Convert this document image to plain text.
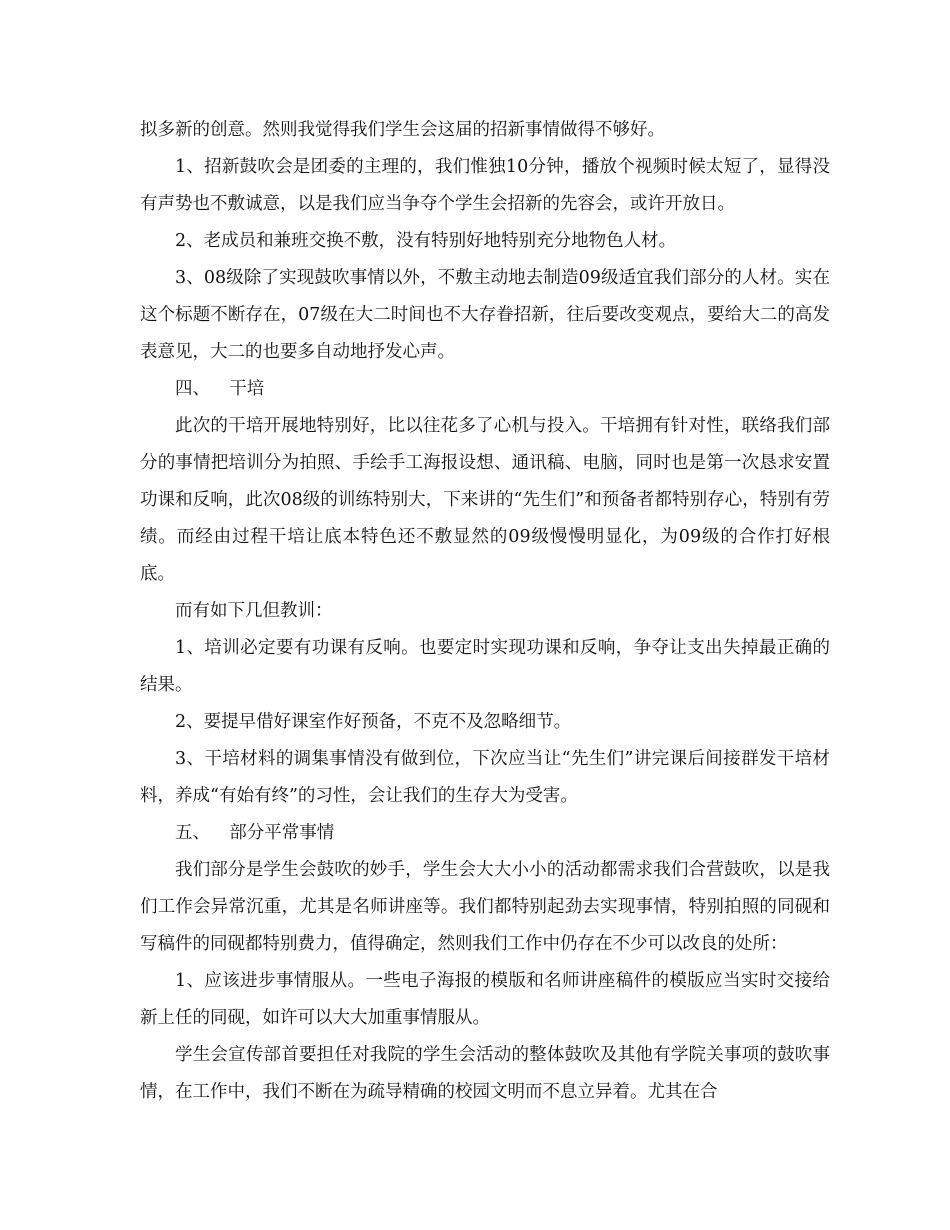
拟多新的创意。然则我觉得我们学生会这届的招新事情做得不够好。

1、招新鼓吹会是团委的主理的，我们惟独10分钟，播放个视频时候太短了，显得没有声势也不敷诚意，以是我们应当争夺个学生会招新的先容会，或许开放日。

2、老成员和兼班交换不敷，没有特别好地特别充分地物色人材。

3、08级除了实现鼓吹事情以外，不敷主动地去制造09级适宜我们部分的人材。实在这个标题不断存在，07级在大二时间也不大存眷招新，往后要改变观点，要给大二的高发表意见，大二的也要多自动地抒发心声。

四、 干培

此次的干培开展地特别好，比以往花多了心机与投入。干培拥有针对性，联络我们部分的事情把培训分为拍照、手绘手工海报设想、通讯稿、电脑，同时也是第一次恳求安置功课和反响，此次08级的训练特别大，下来讲的“先生们”和预备者都特别存心，特别有劳绩。而经由过程干培让底本特色还不敷显然的09级慢慢明显化，为09级的合作打好根底。

而有如下几但教训：

1、培训必定要有功课有反响。也要定时实现功课和反响，争夺让支出失掉最正确的结果。

2、要提早借好课室作好预备，不克不及忽略细节。

3、干培材料的调集事情没有做到位，下次应当让“先生们”讲完课后间接群发干培材料，养成“有始有终”的习性，会让我们的生存大为受害。

五、 部分平常事情

我们部分是学生会鼓吹的妙手，学生会大大小小的活动都需求我们合营鼓吹，以是我们工作会异常沉重，尤其是名师讲座等。我们都特别起劲去实现事情，特别拍照的同砚和写稿件的同砚都特别费力，值得确定，然则我们工作中仍存在不少可以改良的处所：

1、应该进步事情服从。一些电子海报的模版和名师讲座稿件的模版应当实时交接给新上任的同砚，如许可以大大加重事情服从。

学生会宣传部首要担任对我院的学生会活动的整体鼓吹及其他有学院关事项的鼓吹事情，在工作中，我们不断在为疏导精确的校园文明而不息立异着。尤其在合
